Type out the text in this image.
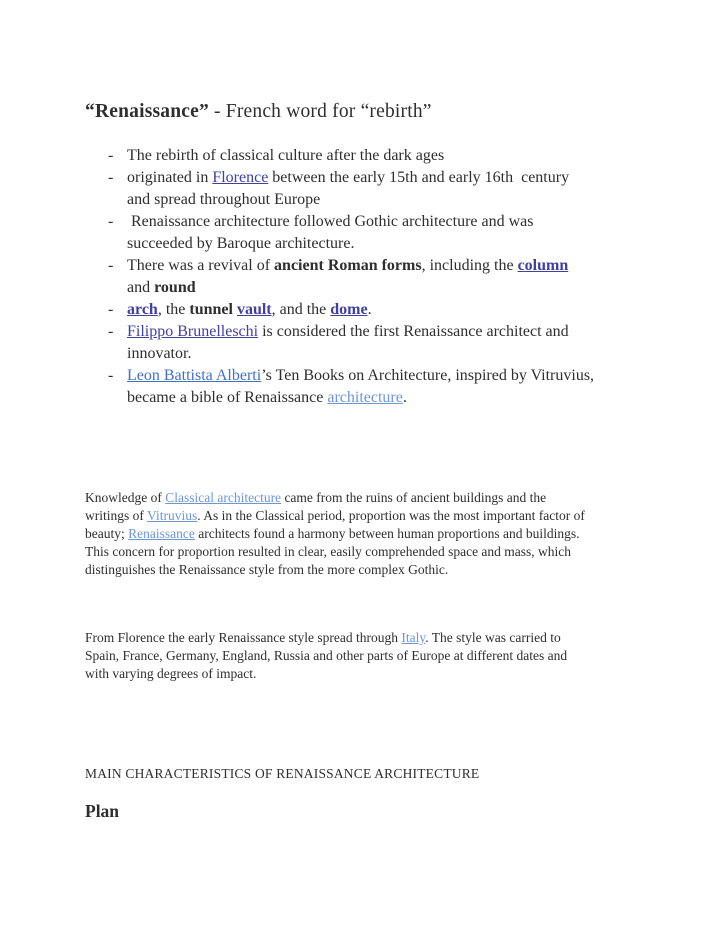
“Renaissance” - French word for “rebirth”
- The rebirth of classical culture after the dark ages
- originated in Florence between the early 15th and early 16th  century
and spread throughout Europe
- Renaissance architecture followed Gothic architecture and was
succeeded by Baroque architecture.
- There was a revival of ancient Roman forms, including the column
and round
- arch, the tunnel vault, and the dome.
- Filippo Brunelleschi is considered the first Renaissance architect and
innovator.
- Leon Battista Alberti’s Ten Books on Architecture, inspired by Vitruvius,
became a bible of Renaissance architecture.
Knowledge of Classical architecture came from the ruins of ancient buildings and the
writings of Vitruvius. As in the Classical period, proportion was the most important factor of
beauty; Renaissance architects found a harmony between human proportions and buildings.
This concern for proportion resulted in clear, easily comprehended space and mass, which
distinguishes the Renaissance style from the more complex Gothic.
From Florence the early Renaissance style spread through Italy. The style was carried to
Spain, France, Germany, England, Russia and other parts of Europe at different dates and
with varying degrees of impact.
MAIN CHARACTERISTICS OF RENAISSANCE ARCHITECTURE
Plan
